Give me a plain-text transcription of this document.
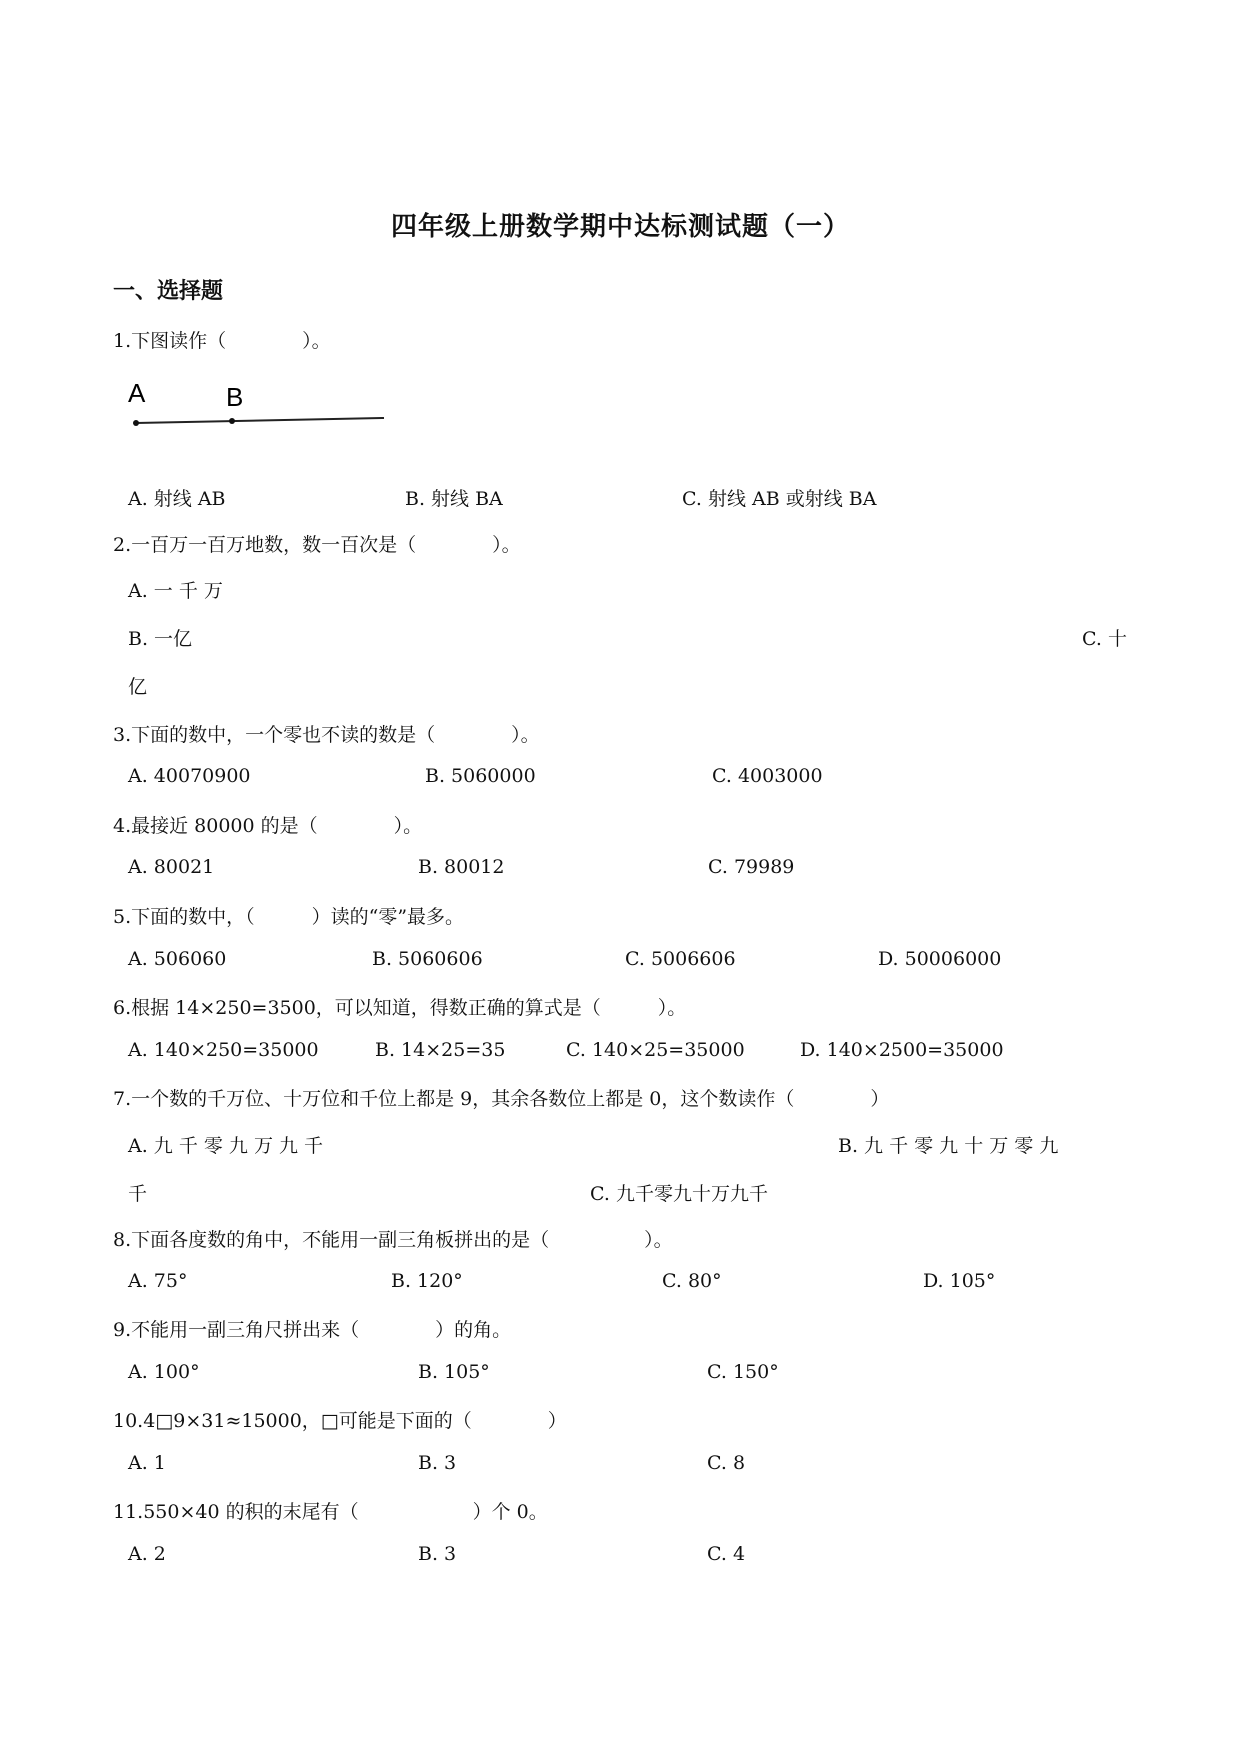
四年级上册数学期中达标测试题（一）
一、选择题
1.下图读作（　　　　）。
A	B
A. 射线 AB	B. 射线 BA	C. 射线 AB 或射线 BA
2.一百万一百万地数，数一百次是（　　　　）。
A. 一 千 万
B. 一亿	C. 十
亿
3.下面的数中，一个零也不读的数是（　　　　）。
A. 40070900	B. 5060000	C. 4003000
4.最接近 80000 的是（　　　　）。
A. 80021	B. 80012	C. 79989
5.下面的数中，（　　　）读的“零”最多。
A. 506060	B. 5060606	C. 5006606	D. 50006000
6.根据 14×250=3500，可以知道，得数正确的算式是（　　　）。
A. 140×250=35000	B. 14×25=35	C. 140×25=35000	D. 140×2500=35000
7.一个数的千万位、十万位和千位上都是 9，其余各数位上都是 0，这个数读作（　　　　）
A. 九 千 零 九 万 九 千	B. 九 千 零 九 十 万 零 九
千	C. 九千零九十万九千
8.下面各度数的角中，不能用一副三角板拼出的是（　　　　　）。
A. 75°	B. 120°	C. 80°	D. 105°
9.不能用一副三角尺拼出来（　　　　）的角。
A. 100°	B. 105°	C. 150°
10.4□9×31≈15000，□可能是下面的（　　　　）
A. 1	B. 3	C. 8
11.550×40 的积的末尾有（　　　　　　）个 0。
A. 2	B. 3	C. 4
